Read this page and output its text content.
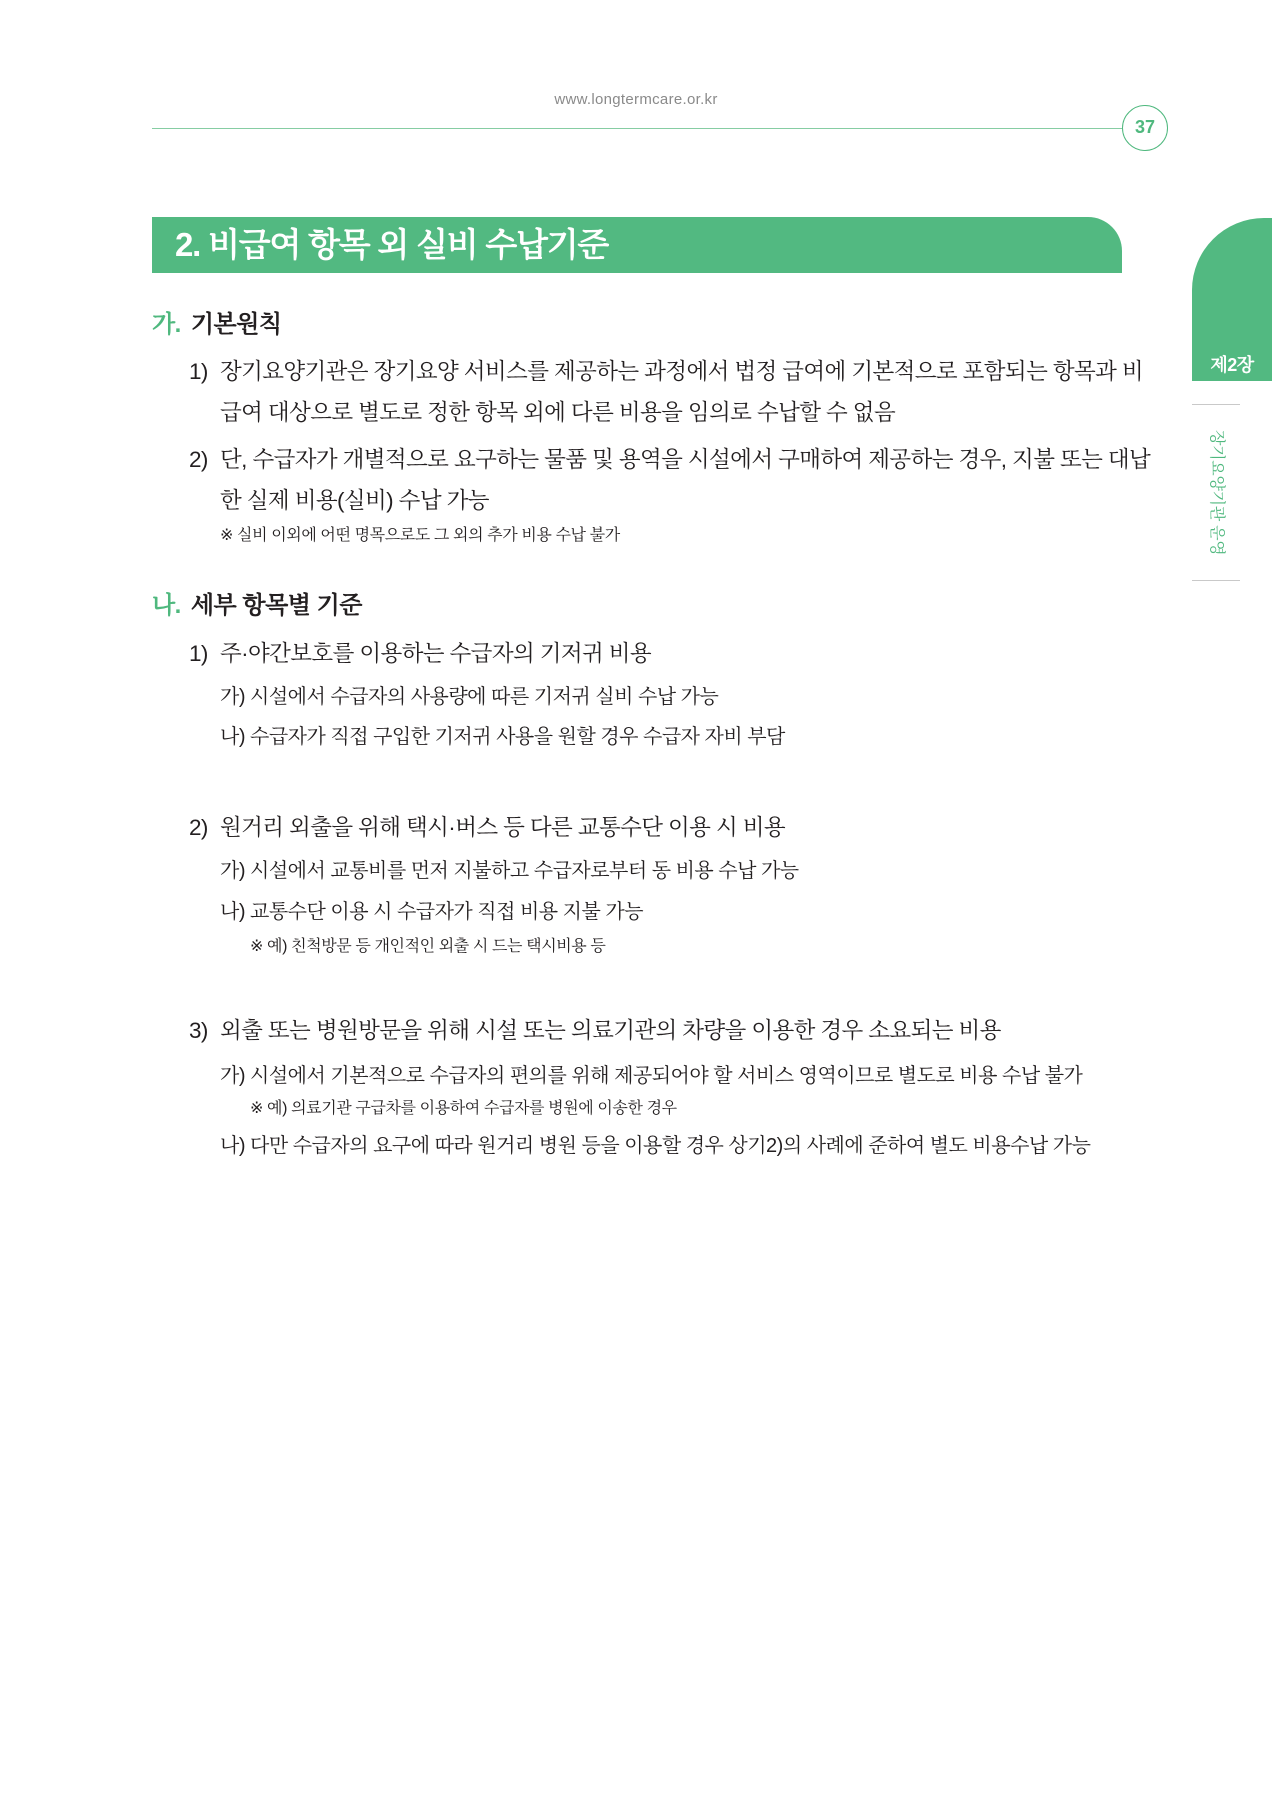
www.longtermcare.or.kr
37
제2장
장기요양기관 운영
2. 비급여 항목 외 실비 수납기준
가. 기본원칙
1) 장기요양기관은 장기요양 서비스를 제공하는 과정에서 법정 급여에 기본적으로 포함되는 항목과 비급여 대상으로 별도로 정한 항목 외에 다른 비용을 임의로 수납할 수 없음
2) 단, 수급자가 개별적으로 요구하는 물품 및 용역을 시설에서 구매하여 제공하는 경우, 지불 또는 대납한 실제 비용(실비) 수납 가능
※ 실비 이외에 어떤 명목으로도 그 외의 추가 비용 수납 불가
나. 세부 항목별 기준
1) 주·야간보호를 이용하는 수급자의 기저귀 비용
가) 시설에서 수급자의 사용량에 따른 기저귀 실비 수납 가능
나) 수급자가 직접 구입한 기저귀 사용을 원할 경우 수급자 자비 부담
2) 원거리 외출을 위해 택시·버스 등 다른 교통수단 이용 시 비용
가) 시설에서 교통비를 먼저 지불하고 수급자로부터 동 비용 수납 가능
나) 교통수단 이용 시 수급자가 직접 비용 지불 가능
※ 예) 친척방문 등 개인적인 외출 시 드는 택시비용 등
3) 외출 또는 병원방문을 위해 시설 또는 의료기관의 차량을 이용한 경우 소요되는 비용
가) 시설에서 기본적으로 수급자의 편의를 위해 제공되어야 할 서비스 영역이므로 별도로 비용 수납 불가
※ 예) 의료기관 구급차를 이용하여 수급자를 병원에 이송한 경우
나) 다만 수급자의 요구에 따라 원거리 병원 등을 이용할 경우 상기2)의 사례에 준하여 별도 비용수납 가능
